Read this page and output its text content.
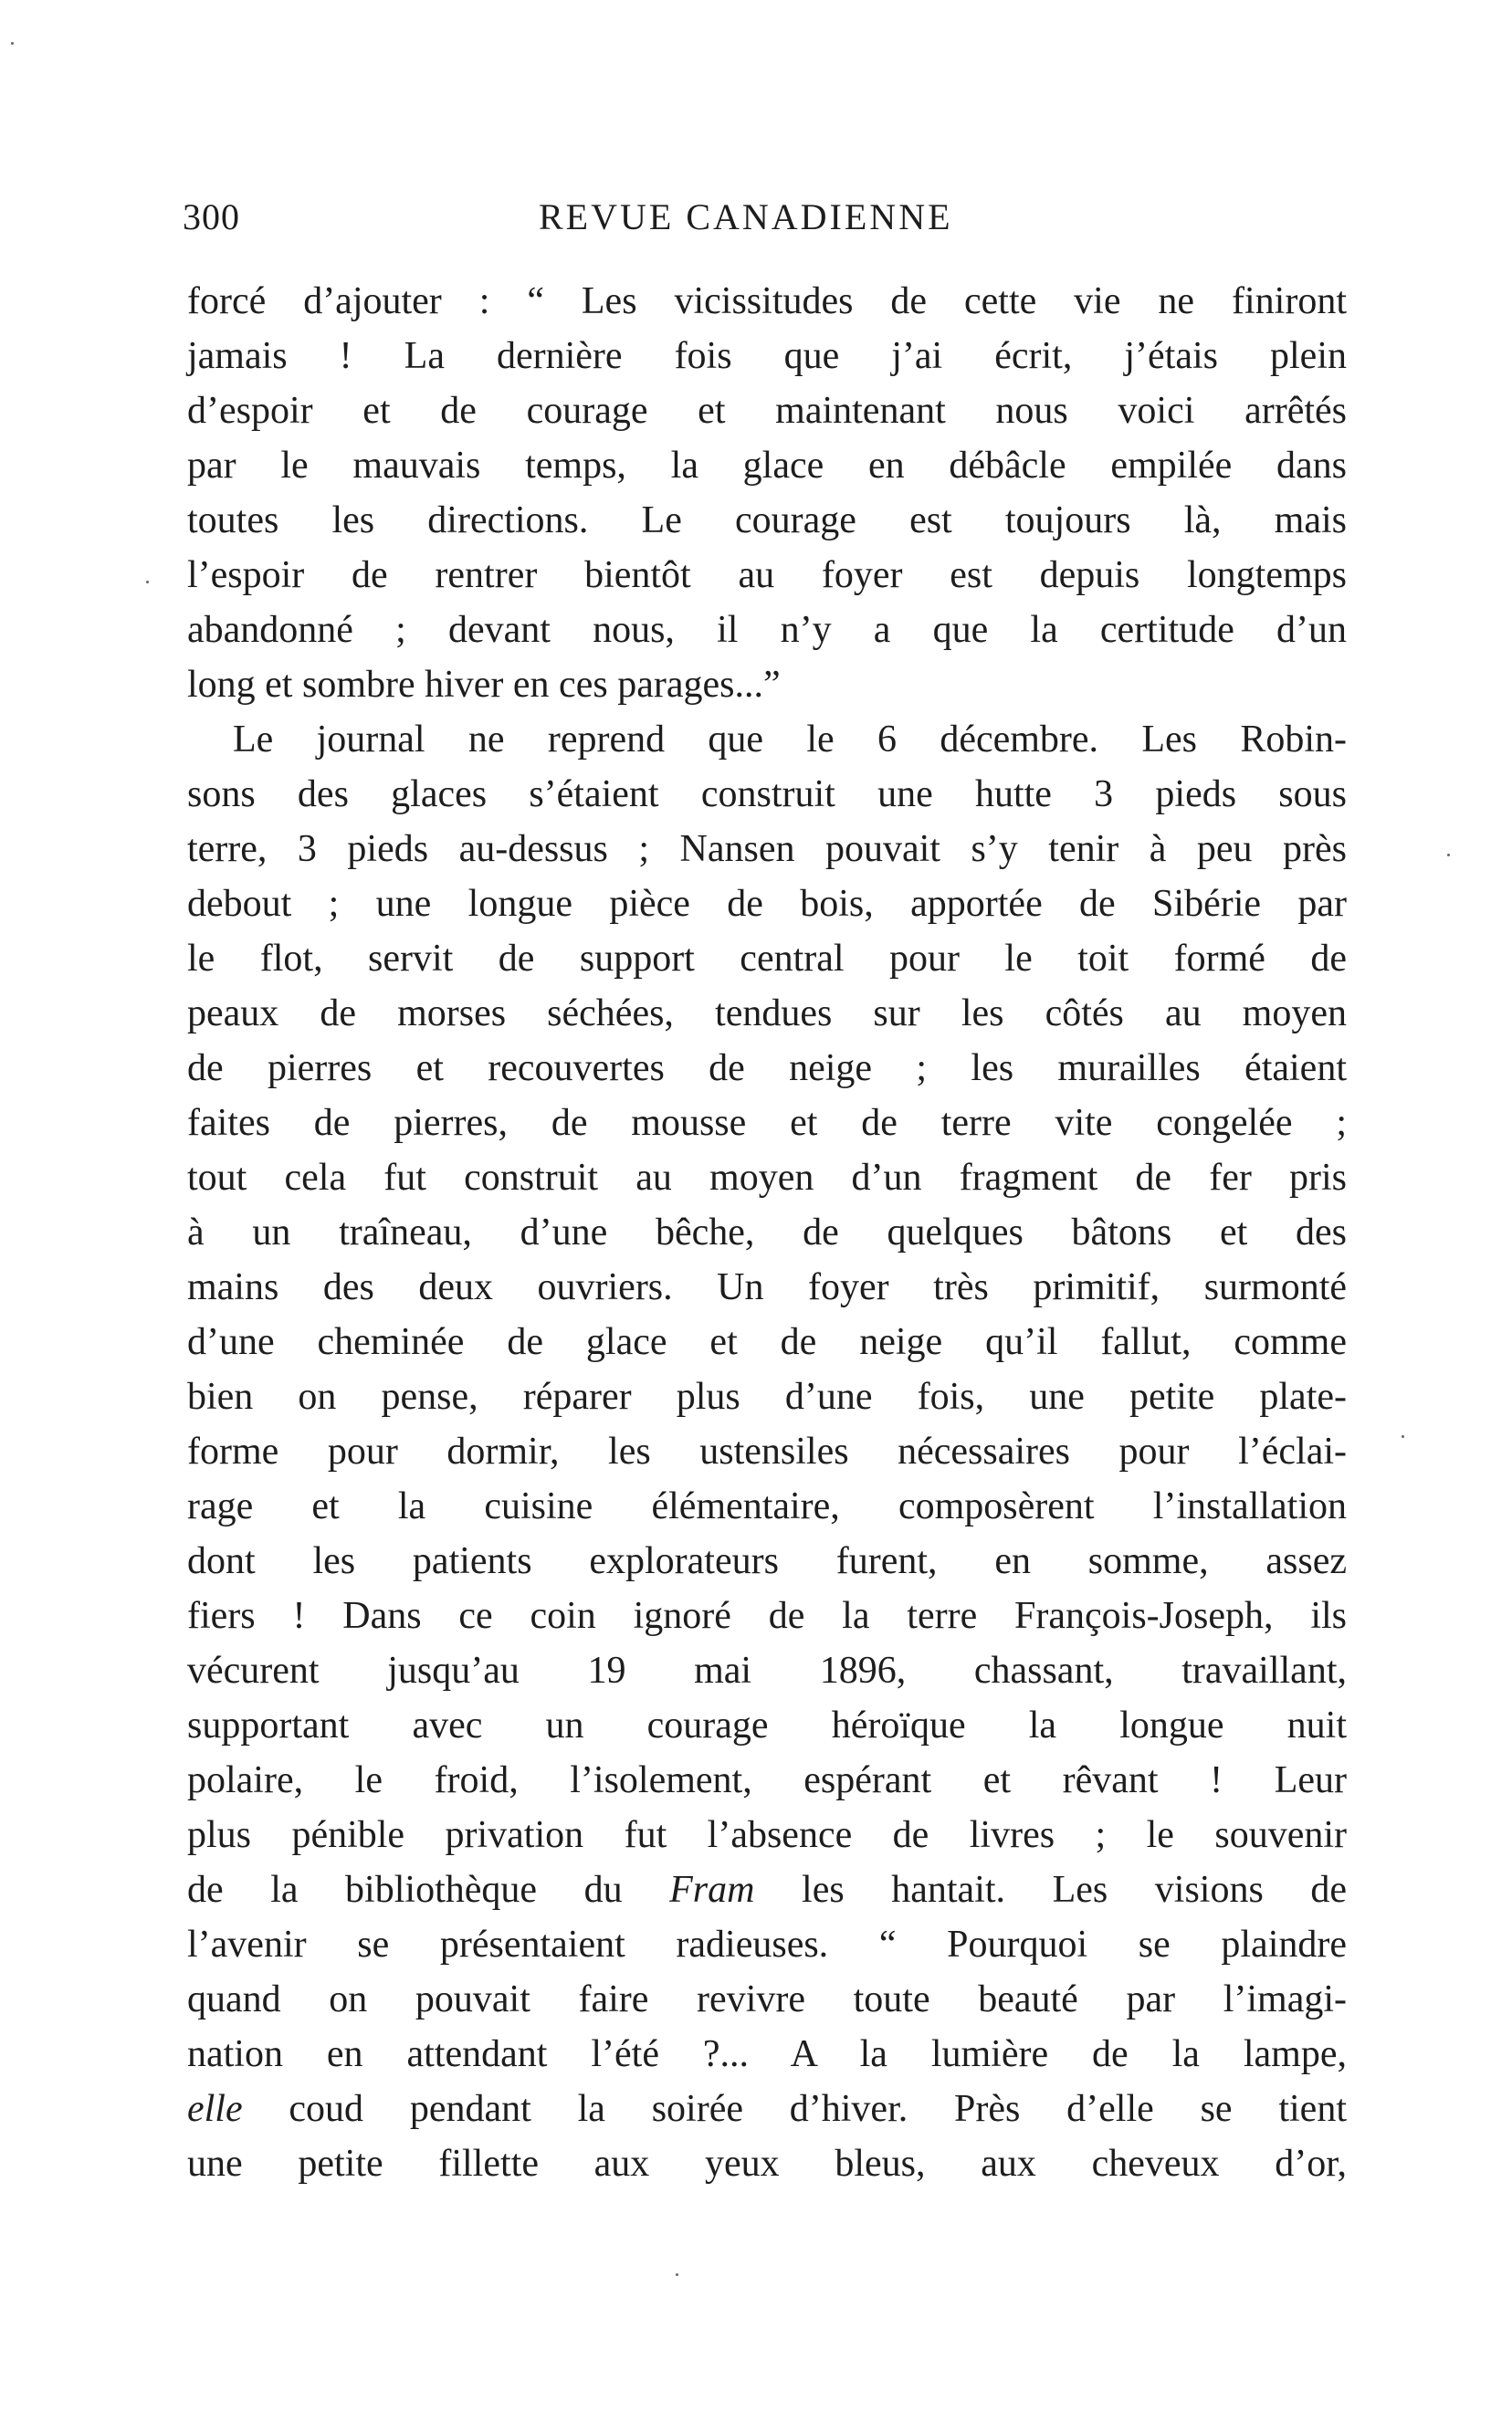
300	REVUE CANADIENNE
forcé d’ajouter : “ Les vicissitudes de cette vie ne finiront
jamais ! La dernière fois que j’ai écrit, j’étais plein
d’espoir et de courage et maintenant nous voici arrêtés
par le mauvais temps, la glace en débâcle empilée dans
toutes les directions. Le courage est toujours là, mais
l’espoir de rentrer bientôt au foyer est depuis longtemps
abandonné ; devant nous, il n’y a que la certitude d’un
long et sombre hiver en ces parages...”
Le journal ne reprend que le 6 décembre. Les Robin-
sons des glaces s’étaient construit une hutte 3 pieds sous
terre, 3 pieds au-dessus ; Nansen pouvait s’y tenir à peu près
debout ; une longue pièce de bois, apportée de Sibérie par
le flot, servit de support central pour le toit formé de
peaux de morses séchées, tendues sur les côtés au moyen
de pierres et recouvertes de neige ; les murailles étaient
faites de pierres, de mousse et de terre vite congelée ;
tout cela fut construit au moyen d’un fragment de fer pris
à un traîneau, d’une bêche, de quelques bâtons et des
mains des deux ouvriers. Un foyer très primitif, surmonté
d’une cheminée de glace et de neige qu’il fallut, comme
bien on pense, réparer plus d’une fois, une petite plate-
forme pour dormir, les ustensiles nécessaires pour l’éclai-
rage et la cuisine élémentaire, composèrent l’installation
dont les patients explorateurs furent, en somme, assez
fiers ! Dans ce coin ignoré de la terre François-Joseph, ils
vécurent jusqu’au 19 mai 1896, chassant, travaillant,
supportant avec un courage héroïque la longue nuit
polaire, le froid, l’isolement, espérant et rêvant ! Leur
plus pénible privation fut l’absence de livres ; le souvenir
de la bibliothèque du Fram les hantait. Les visions de
l’avenir se présentaient radieuses. “ Pourquoi se plaindre
quand on pouvait faire revivre toute beauté par l’imagi-
nation en attendant l’été ?... A la lumière de la lampe,
elle coud pendant la soirée d’hiver. Près d’elle se tient
une petite fillette aux yeux bleus, aux cheveux d’or,
